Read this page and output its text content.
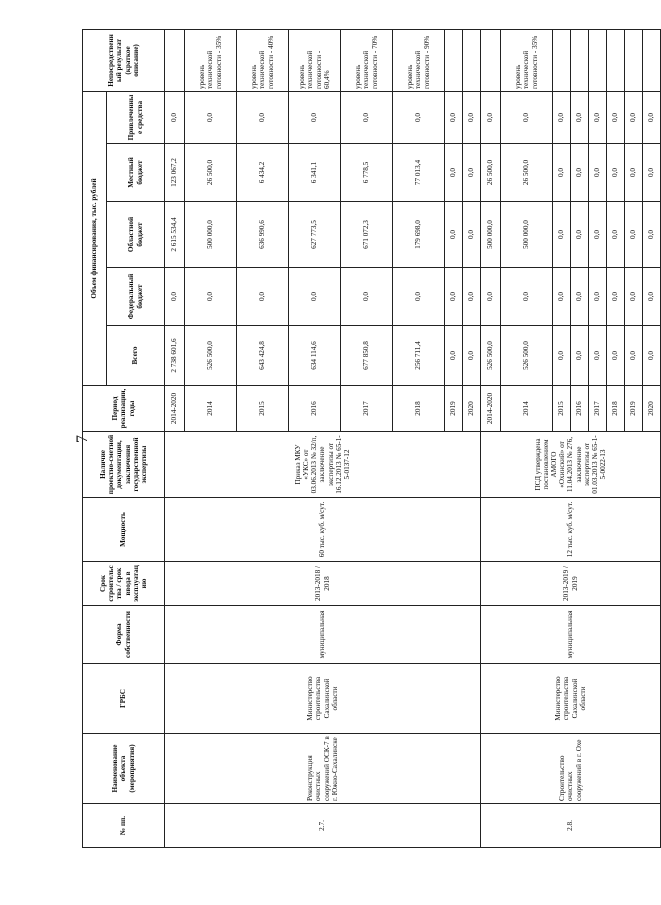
7
№ пп.	Наименование объекта (мероприятия)	ГРБС	Форма собственности	Срок строительства / срок ввода в эксплуатацию	Мощность	Наличие проектно-сметной документации, заключения государственной экспертизы	Период реализации, годы	Объем финансирования, тыс. рублей					Непосредственный результат (краткое описание)
								Всего	Федеральный бюджет	Областной бюджет	Местный бюджет	Привлеченные средства	
2.7.	Реконструкция очистных сооружений ОСК-7 в г. Южно-Сахалинске	Министерство строительства Сахалинской области	муниципальная	2013-2018 / 2018	60 тыс. куб. м/сут.	Приказ МКУ «УКС» от 03.06.2013 № 32/п, заключение экспертизы от 16.12.2013 № 65-1-5-0137-12	2014-2020	2 738 601,6	0,0	2 615 534,4	123 067,2	0,0	
							2014	526 500,0	0,0	500 000,0	26 500,0	0,0	уровень технической готовности - 35%
							2015	643 424,8	0,0	636 990,6	6 434,2	0,0	уровень технической готовности - 40%
							2016	634 114,6	0,0	627 773,5	6 341,1	0,0	уровень технической готовности - 60,4%
							2017	677 850,8	0,0	671 072,3	6 778,5	0,0	уровень технической готовности - 70%
							2018	256 711,4	0,0	179 698,0	77 013,4	0,0	уровень технической готовности - 90%
							2019	0,0	0,0	0,0	0,0	0,0	
							2020	0,0	0,0	0,0	0,0	0,0	
2.8.	Строительство очистных сооружений в г. Охе	Министерство строительства Сахалинской области	муниципальная	2013-2019 / 2019	12 тыс. куб. м/сут.	ПСД утверждена постановлением АМОГО «Охинский» от 11.04.2013 № 276, заключение экспертизы от 01.03.2013 № 65-1-5-0022-13	2014-2020	526 500,0	0,0	500 000,0	26 500,0	0,0	
							2014	526 500,0	0,0	500 000,0	26 500,0	0,0	уровень технической готовности - 35%
							2015	0,0	0,0	0,0	0,0	0,0	
							2016	0,0	0,0	0,0	0,0	0,0	
							2017	0,0	0,0	0,0	0,0	0,0	
							2018	0,0	0,0	0,0	0,0	0,0	
							2019	0,0	0,0	0,0	0,0	0,0	
							2020	0,0	0,0	0,0	0,0	0,0	
